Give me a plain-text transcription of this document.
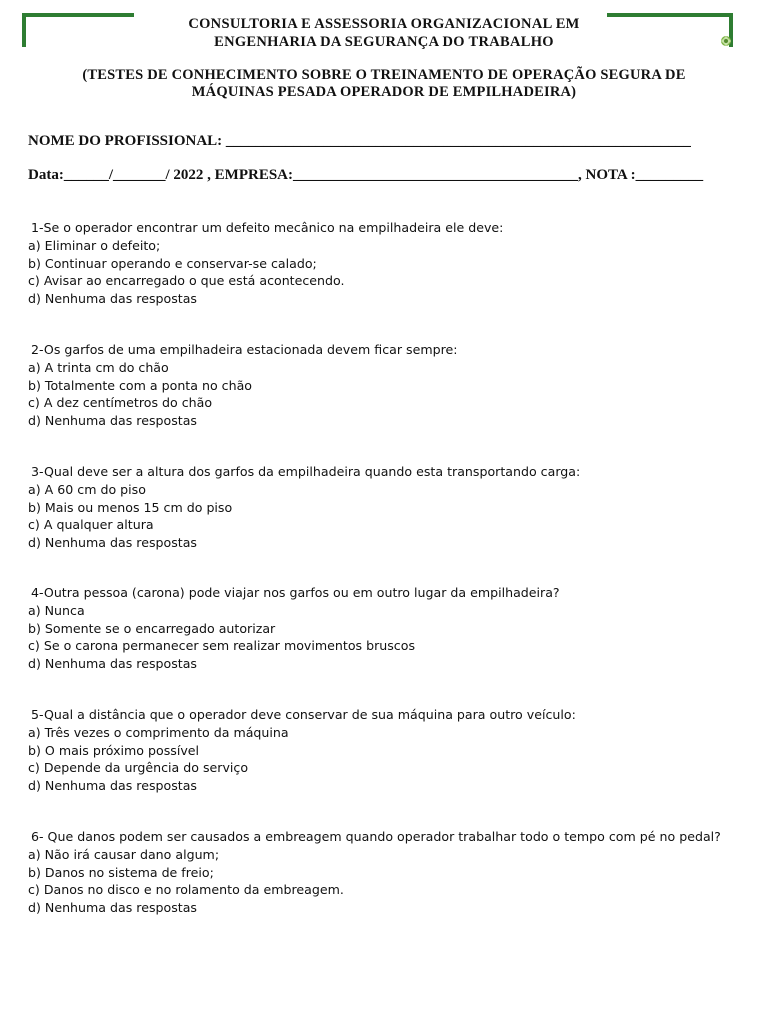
CONSULTORIA E ASSESSORIA ORGANIZACIONAL EM
ENGENHARIA DA SEGURANÇA DO TRABALHO
(TESTES DE CONHECIMENTO SOBRE O TREINAMENTO DE OPERAÇÃO SEGURA DE
MÁQUINAS PESADA OPERADOR DE EMPILHADEIRA)
NOME DO PROFISSIONAL: ______________________________________________________________
Data:______/_______/ 2022 , EMPRESA:______________________________________, NOTA :_________
1-Se o operador encontrar um defeito mecânico na empilhadeira ele deve:
a) Eliminar o defeito;
b) Continuar operando e conservar-se calado;
c) Avisar ao encarregado o que está acontecendo.
d) Nenhuma das respostas
2-Os garfos de uma empilhadeira estacionada devem ficar sempre:
a) A trinta cm do chão
b) Totalmente com a ponta no chão
c) A dez centímetros do chão
d) Nenhuma das respostas
3-Qual deve ser a altura dos garfos da empilhadeira quando esta transportando carga:
a) A 60 cm do piso
b) Mais ou menos 15 cm do piso
c) A qualquer altura
d) Nenhuma das respostas
4-Outra pessoa (carona) pode viajar nos garfos ou em outro lugar da empilhadeira?
a) Nunca
b) Somente se o encarregado autorizar
c) Se o carona permanecer sem realizar movimentos bruscos
d) Nenhuma das respostas
5-Qual a distância que o operador deve conservar de sua máquina para outro veículo:
a) Três vezes o comprimento da máquina
b) O mais próximo possível
c) Depende da urgência do serviço
d) Nenhuma das respostas
6- Que danos podem ser causados a embreagem quando operador trabalhar todo o tempo com pé no pedal?
a) Não irá causar dano algum;
b) Danos no sistema de freio;
c) Danos no disco e no rolamento da embreagem.
d) Nenhuma das respostas
